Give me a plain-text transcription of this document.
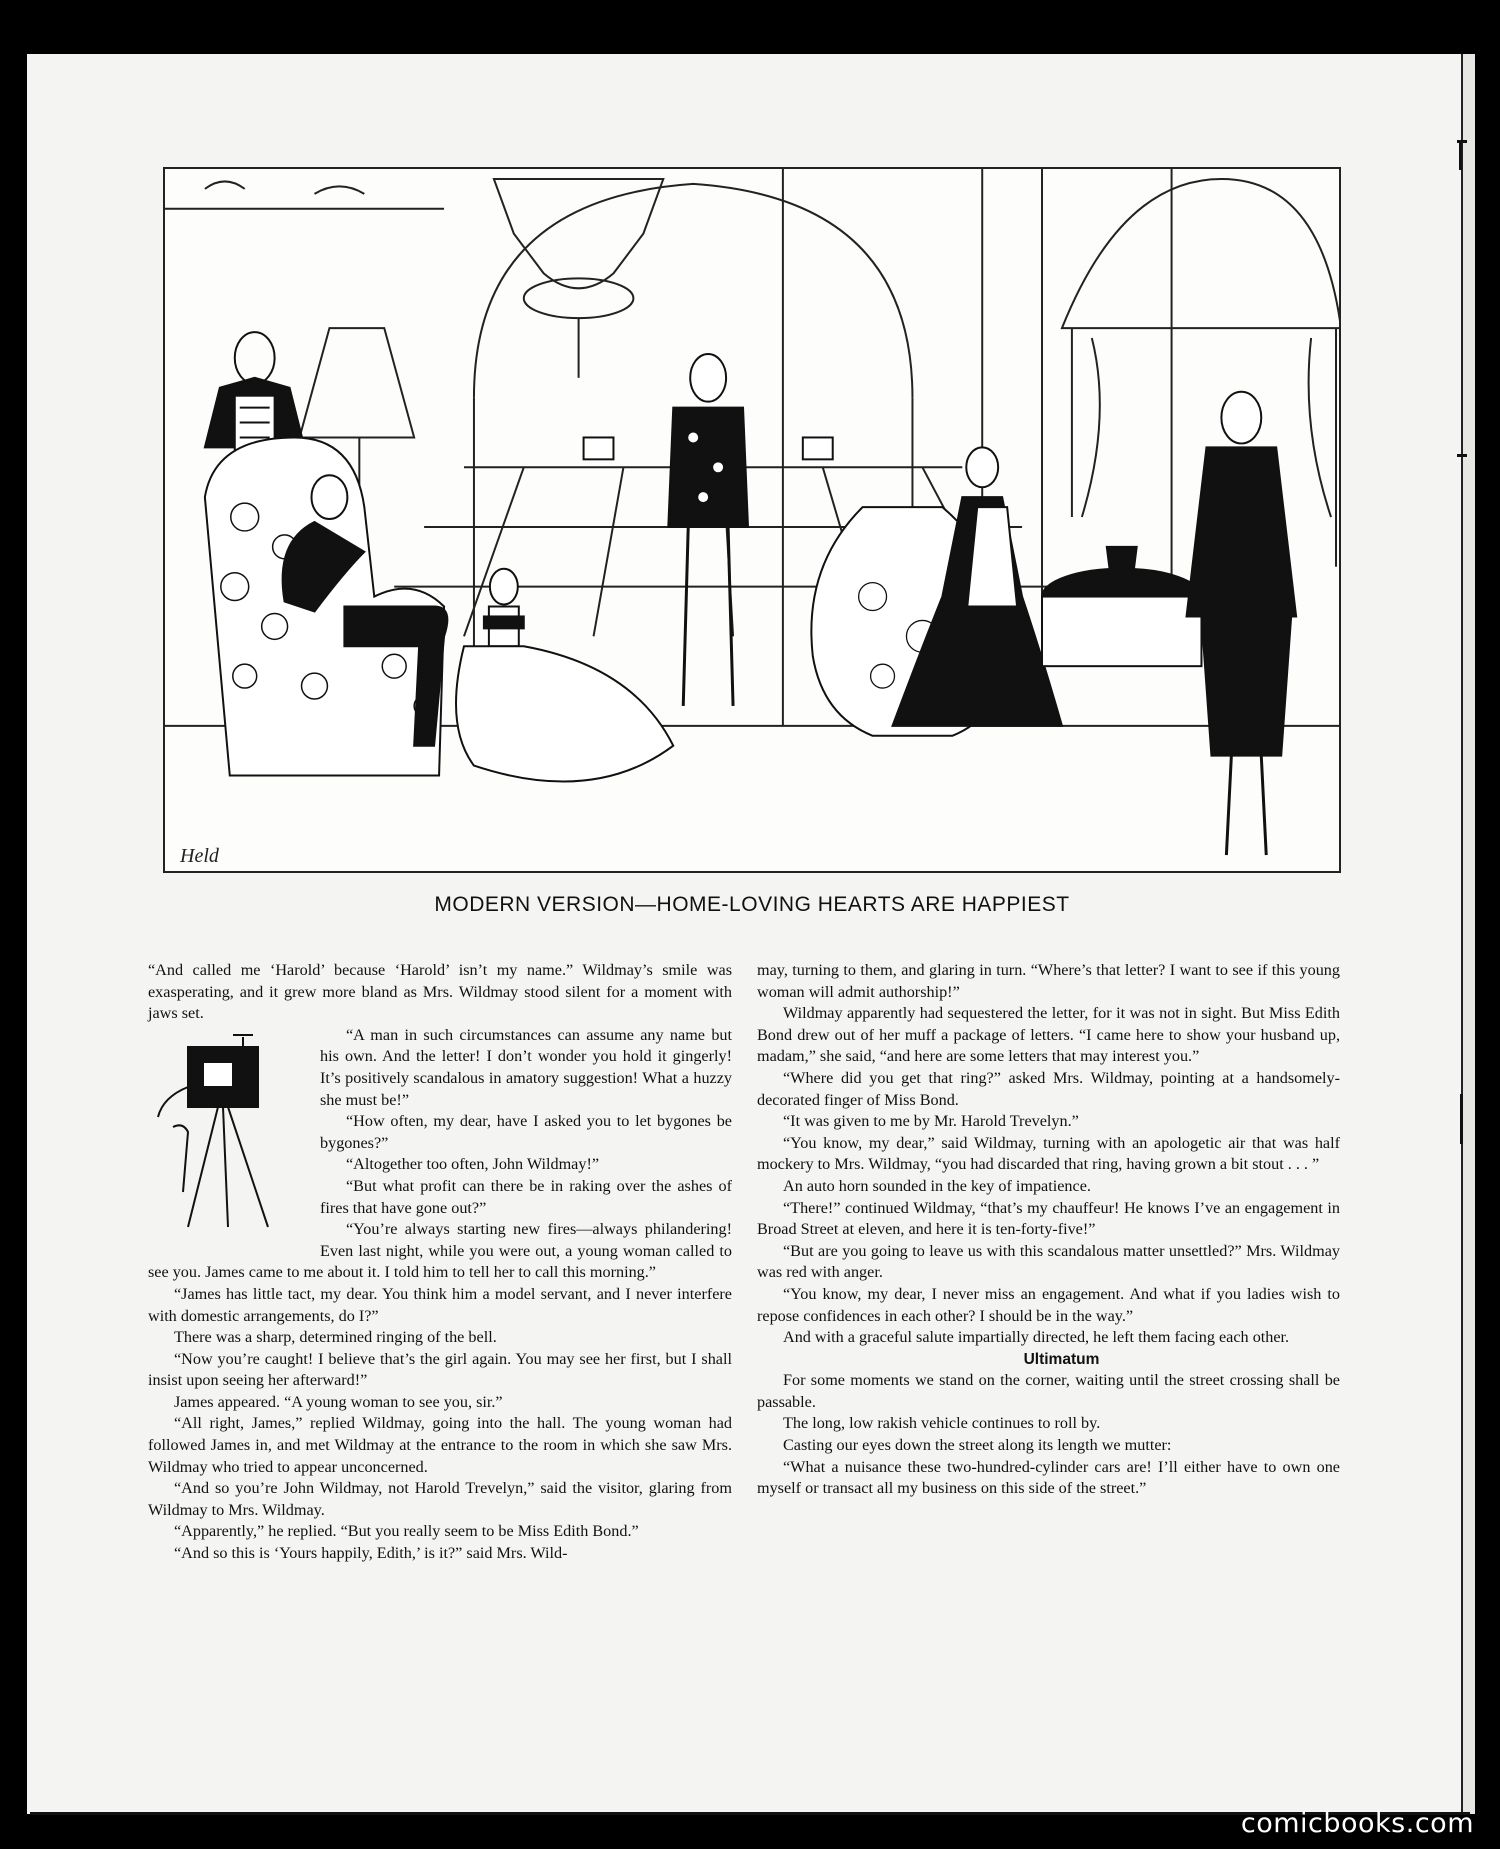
Held
MODERN VERSION—HOME-LOVING HEARTS ARE HAPPIEST

“And called me ‘Harold’ because ‘Harold’ isn’t my name.” Wildmay’s smile was exasperating, and it grew more bland as Mrs. Wildmay stood silent for a moment with jaws set.

“A man in such circumstances can assume any name but his own. And the letter! I don’t wonder you hold it gingerly! It’s positively scandalous in amatory suggestion! What a huzzy she must be!”

“How often, my dear, have I asked you to let bygones be bygones?”

“Altogether too often, John Wildmay!”

“But what profit can there be in raking over the ashes of fires that have gone out?”

“You’re always starting new fires—always philandering! Even last night, while you were out, a young woman called to see you. James came to me about it. I told him to tell her to call this morning.”

“James has little tact, my dear. You think him a model servant, and I never interfere with domestic arrangements, do I?”

There was a sharp, determined ringing of the bell.

“Now you’re caught! I believe that’s the girl again. You may see her first, but I shall insist upon seeing her afterward!”

James appeared. “A young woman to see you, sir.”

“All right, James,” replied Wildmay, going into the hall. The young woman had followed James in, and met Wildmay at the entrance to the room in which she saw Mrs. Wildmay who tried to appear unconcerned.

“And so you’re John Wildmay, not Harold Trevelyn,” said the visitor, glaring from Wildmay to Mrs. Wildmay.

“Apparently,” he replied. “But you really seem to be Miss Edith Bond.”

“And so this is ‘Yours happily, Edith,’ is it?” said Mrs. Wild-

may, turning to them, and glaring in turn. “Where’s that letter? I want to see if this young woman will admit authorship!”

Wildmay apparently had sequestered the letter, for it was not in sight. But Miss Edith Bond drew out of her muff a package of letters. “I came here to show your husband up, madam,” she said, “and here are some letters that may interest you.”

“Where did you get that ring?” asked Mrs. Wildmay, pointing at a handsomely-decorated finger of Miss Bond.

“It was given to me by Mr. Harold Trevelyn.”

“You know, my dear,” said Wildmay, turning with an apologetic air that was half mockery to Mrs. Wildmay, “you had discarded that ring, having grown a bit stout . . . ”

An auto horn sounded in the key of impatience.

“There!” continued Wildmay, “that’s my chauffeur! He knows I’ve an engagement in Broad Street at eleven, and here it is ten-forty-five!”

“But are you going to leave us with this scandalous matter unsettled?” Mrs. Wildmay was red with anger.

“You know, my dear, I never miss an engagement. And what if you ladies wish to repose confidences in each other? I should be in the way.”

And with a graceful salute impartially directed, he left them facing each other.

Ultimatum

For some moments we stand on the corner, waiting until the street crossing shall be passable.

The long, low rakish vehicle continues to roll by.

Casting our eyes down the street along its length we mutter:

“What a nuisance these two-hundred-cylinder cars are! I’ll either have to own one myself or transact all my business on this side of the street.”

comicbooks.com
